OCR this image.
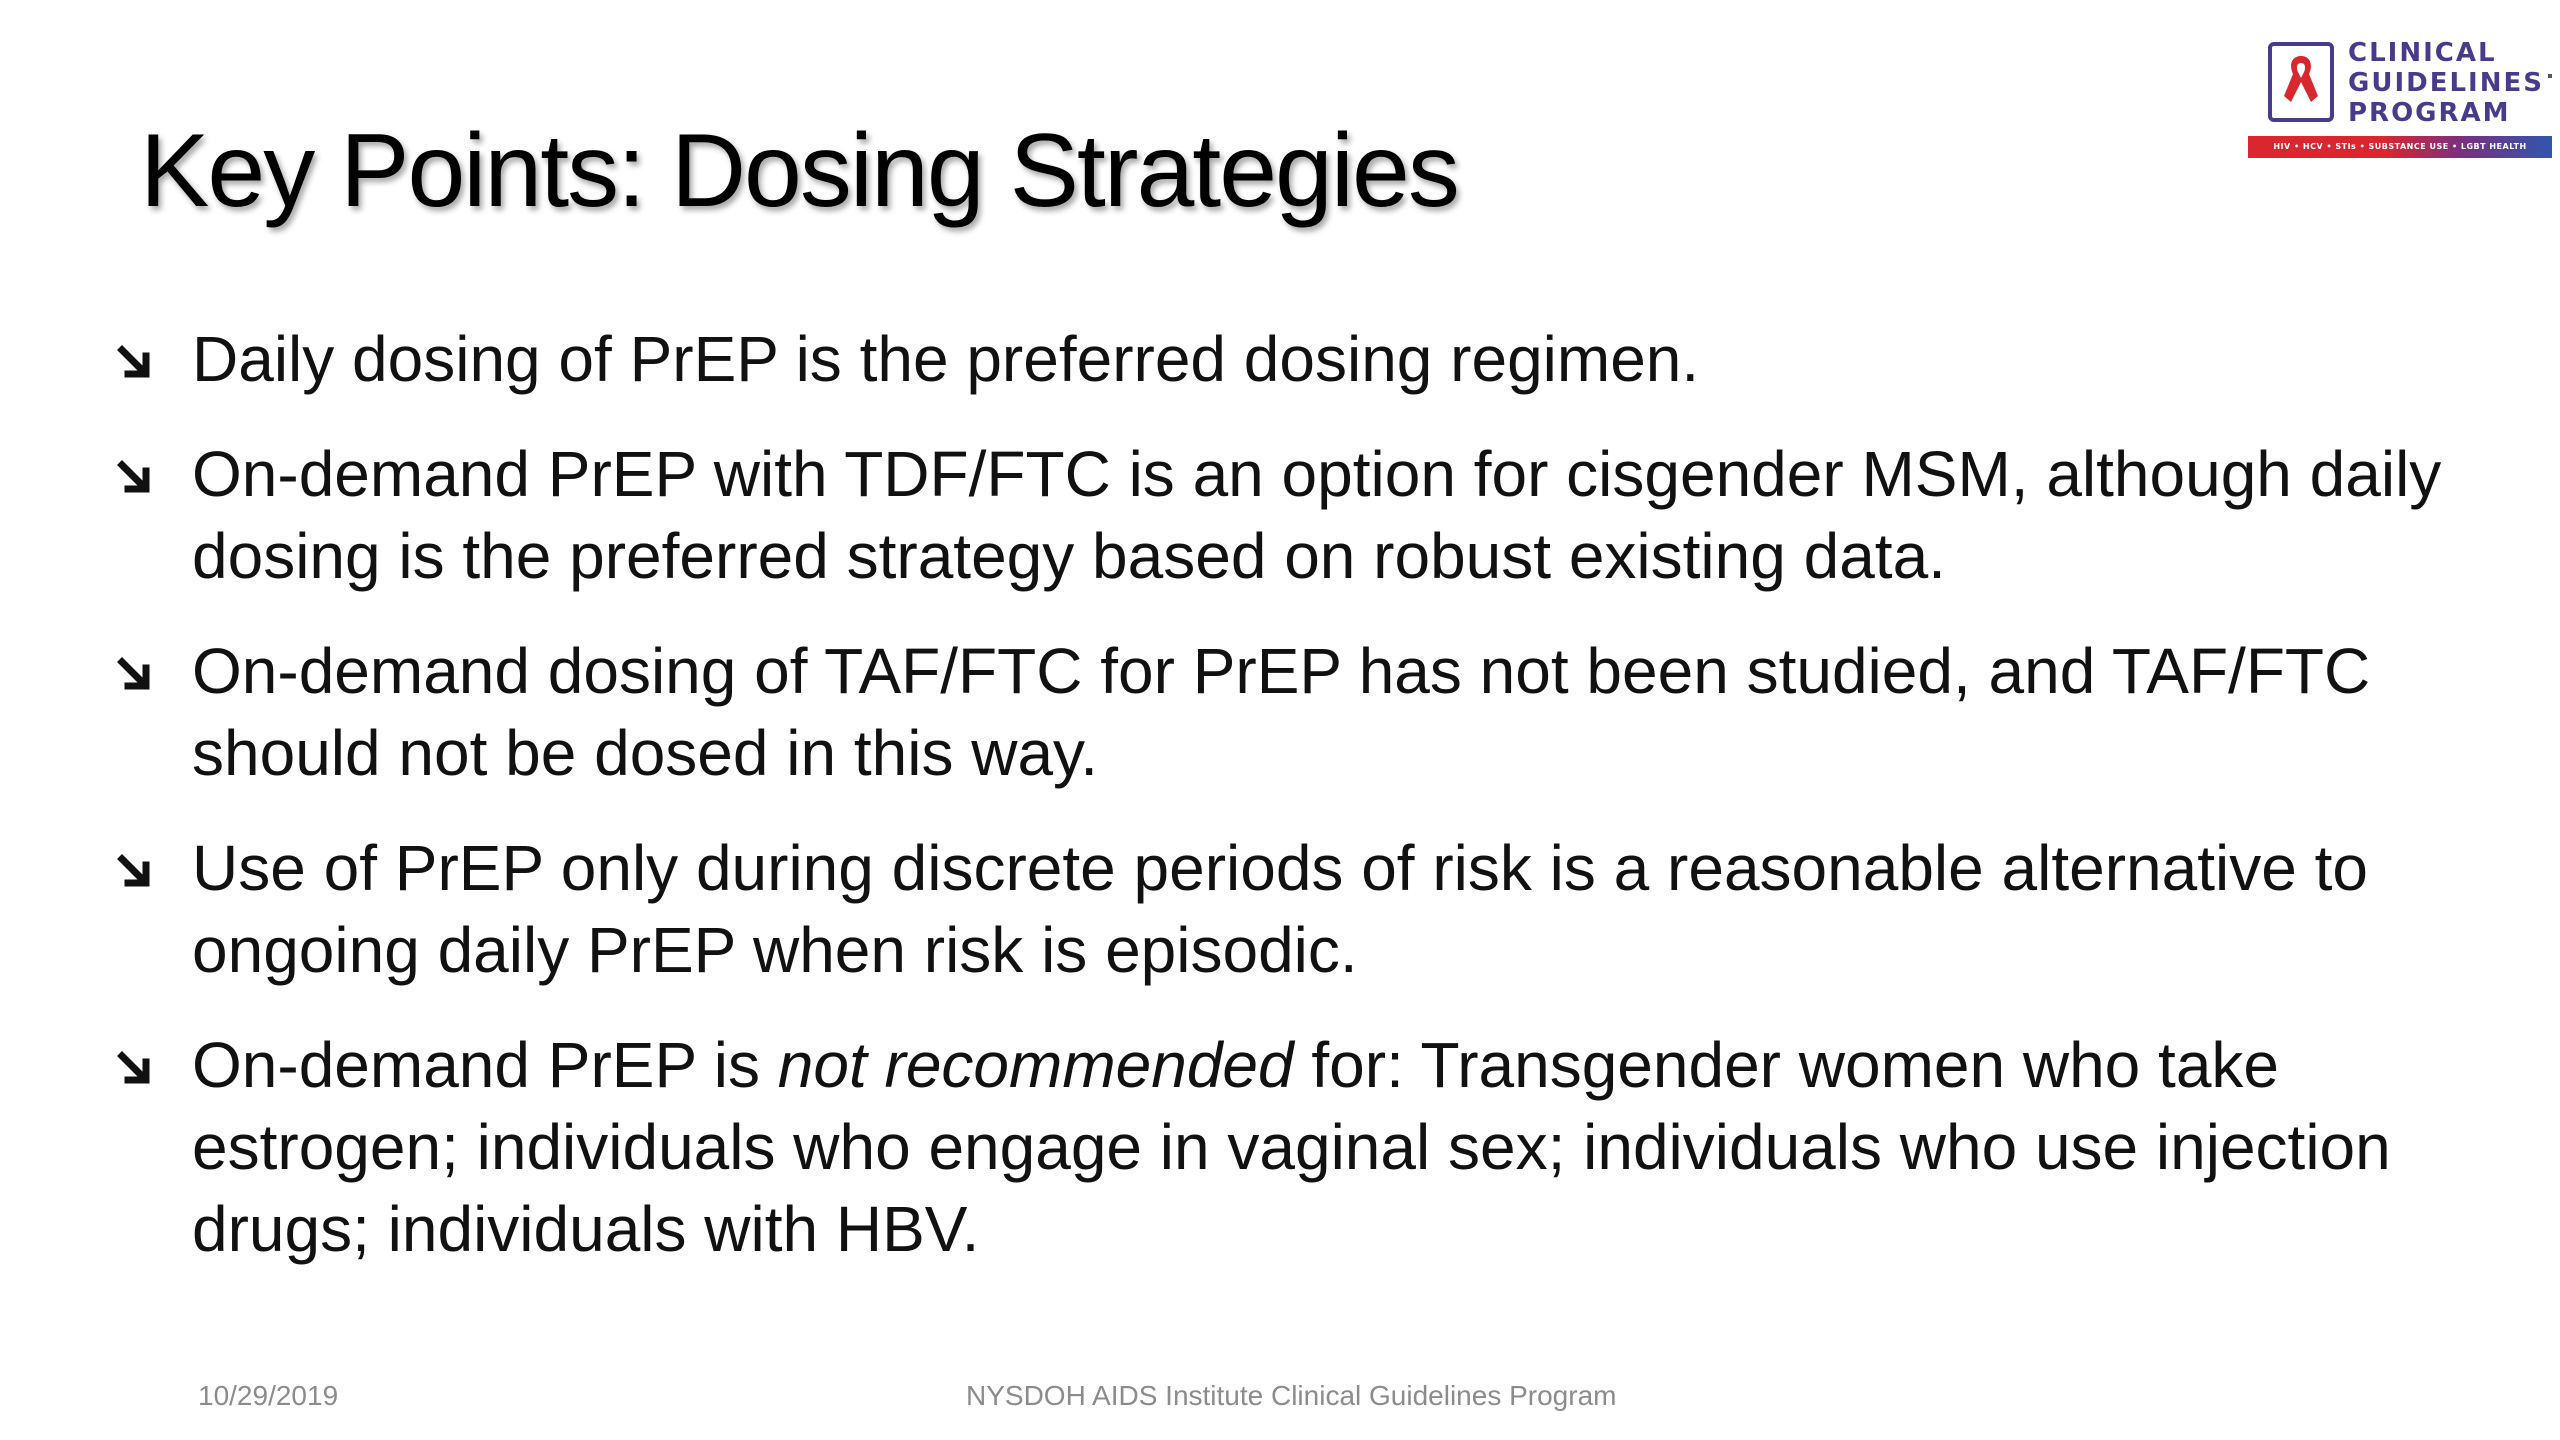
Key Points: Dosing Strategies
CLINICAL
GUIDELINES
PROGRAM
HIV • HCV • STIs • SUBSTANCE USE • LGBT HEALTH
Daily dosing of PrEP is the preferred dosing regimen.
On-demand PrEP with TDF/FTC is an option for cisgender MSM, although daily dosing is the preferred strategy based on robust existing data.
On-demand dosing of TAF/FTC for PrEP has not been studied, and TAF/FTC should not be dosed in this way.
Use of PrEP only during discrete periods of risk is a reasonable alternative to ongoing daily PrEP when risk is episodic.
On-demand PrEP is not recommended for: Transgender women who take estrogen; individuals who engage in vaginal sex; individuals who use injection drugs; individuals with HBV.
10/29/2019	NYSDOH AIDS Institute Clinical Guidelines Program
